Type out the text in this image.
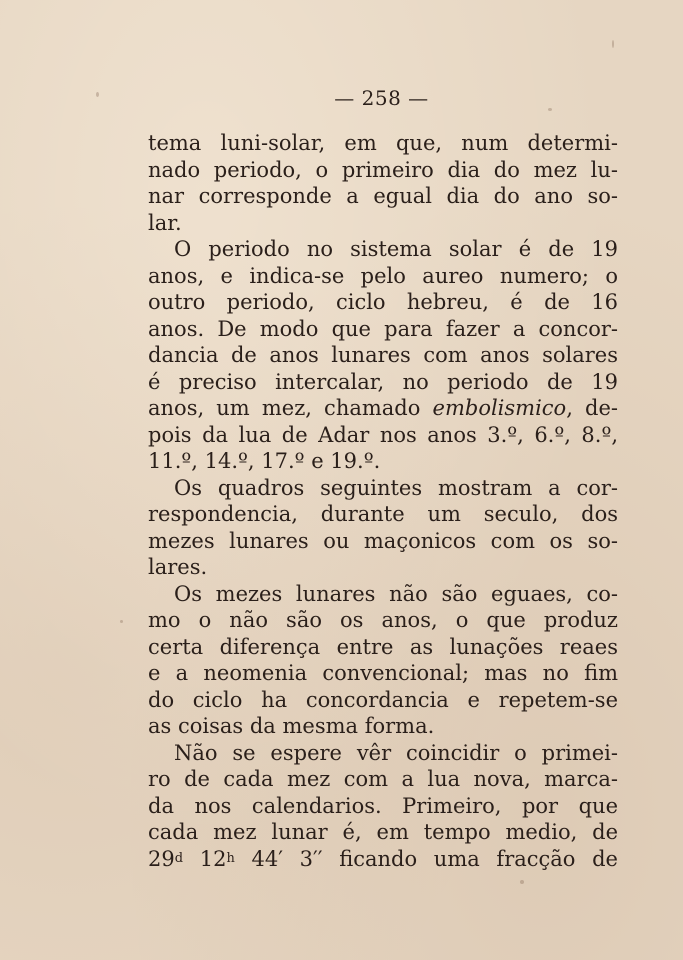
— 258 —
tema luni-solar, em que, num determi-
nado periodo, o primeiro dia do mez lu-
nar corresponde a egual dia do ano so-
lar.
O periodo no sistema solar é de 19
anos, e indica-se pelo aureo numero; o
outro periodo, ciclo hebreu, é de 16
anos. De modo que para fazer a concor-
dancia de anos lunares com anos solares
é preciso intercalar, no periodo de 19
anos, um mez, chamado embolismico, de-
pois da lua de Adar nos anos 3.º, 6.º, 8.º,
11.º, 14.º, 17.º e 19.º.
Os quadros seguintes mostram a cor-
respondencia, durante um seculo, dos
mezes lunares ou maçonicos com os so-
lares.
Os mezes lunares não são eguaes, co-
mo o não são os anos, o que produz
certa diferença entre as lunações reaes
e a neomenia convencional; mas no fim
do ciclo ha concordancia e repetem-se
as coisas da mesma forma.
Não se espere vêr coincidir o primei-
ro de cada mez com a lua nova, marca-
da nos calendarios. Primeiro, por que
cada mez lunar é, em tempo medio, de
29$^d$ 12$^h$ 44′ 3′′ ficando uma fracção de
